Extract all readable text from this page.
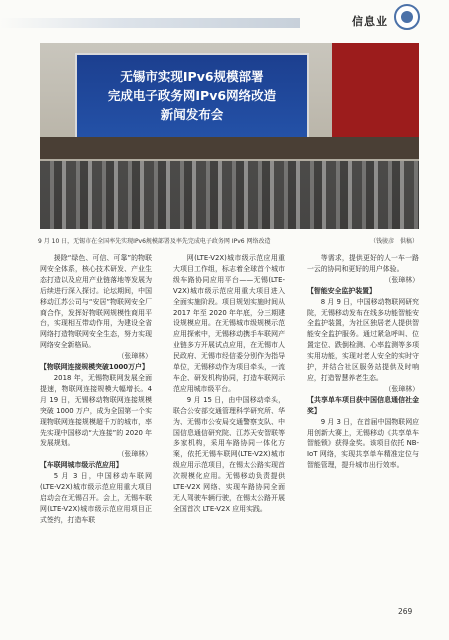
信息业
无锡市实现IPv6规模部署
完成电子政务网IPv6网络改造
新闻发布会
9 月 10 日，无锡市在全国率先实现IPv6规模部署及率先完成电子政务网 IPv6 网络改造	（钱骏彦　供稿）

援除“绿色、可信、可靠”的物联网安全体系，核心技术研发、产业生态打造以及应用产业链落地等发展为后续进行深入探讨。论坛期间，中国移动江苏公司与“安居”物联网安全厂商合作，发挥好物联网规模性商用平台，实现相互带动作用，为建设全省网络打造物联网安全生态，努力实现网络安全新格局。

（张璋林）

【物联网连接规模突破1000万户】

2018 年，无锡物联网发展全面提速，物联网连接规模大幅增长。4 月 19 日，无锡移动物联网连接规模突破 1000 万户，成为全国第一个实现物联网连接规模超千万的城市，率先实现中国移动“大连接”的 2020 年发展规划。

（张璋林）

【车联网城市级示范应用】

5 月 3 日，中国移动车联网(LTE-V2X)城市级示范应用重大项目启动会在无锡召开。会上，无锡车联网(LTE-V2X)城市级示范应用项目正式签约，打造车联

网(LTE-V2X)城市级示范应用重大项目工作组，标志着全球首个城市级车路协同应用平台——无锡(LTE-V2X)城市级示范应用重大项目进入全面实施阶段。项目规划实施时间从 2017 年至 2020 年年底，分三期建设规模应用。在无锡城市级规模示范应用探索中，无锡移动携手车联网产业链多方开展试点应用，在无锡市人民政府、无锡市经信委分别作为指导单位，无锡移动作为项目牵头，一流车企、研发机构协同，打造车联网示范应用城市级平台。

9 月 15 日，由中国移动牵头，联合公安部交通管理科学研究所、华为、无锡市公安局交通警察支队、中国信息通信研究院、江苏天安智联等多家机构，采用车路协同一体化方案，依托无锡车联网(LTE-V2X)城市级应用示范项目，在锡太公路实现首次规模化应用。无锡移动负责提供 LTE-V2X 网络、实现车路协同全面无人驾驶车辆行驶，在锡太公路开展全国首次 LTE-V2X 应用实践。

等需求，提供更好的人一车一路一云的协同和更好的用户体验。

（张璋林）

【智能安全监护装置】

8 月 9 日，中国移动物联网研究院，无锡移动发布在线多功能智能安全监护装置，为社区独居老人提供智能安全监护服务。通过紧急呼叫、位置定位、跌倒检测、心率监测等多项实用功能，实现对老人安全的实时守护，并结合社区服务站提供及时响应，打造智慧养老生态。

（张璋林）

【共享单车项目获中国信息通信社金奖】

9 月 3 日，在首届中国物联网应用创新大赛上，无锡移动《共享单车智能锁》获得金奖。该项目依托 NB-IoT 网络，实现共享单车精准定位与智能管理，提升城市出行效率。

269
